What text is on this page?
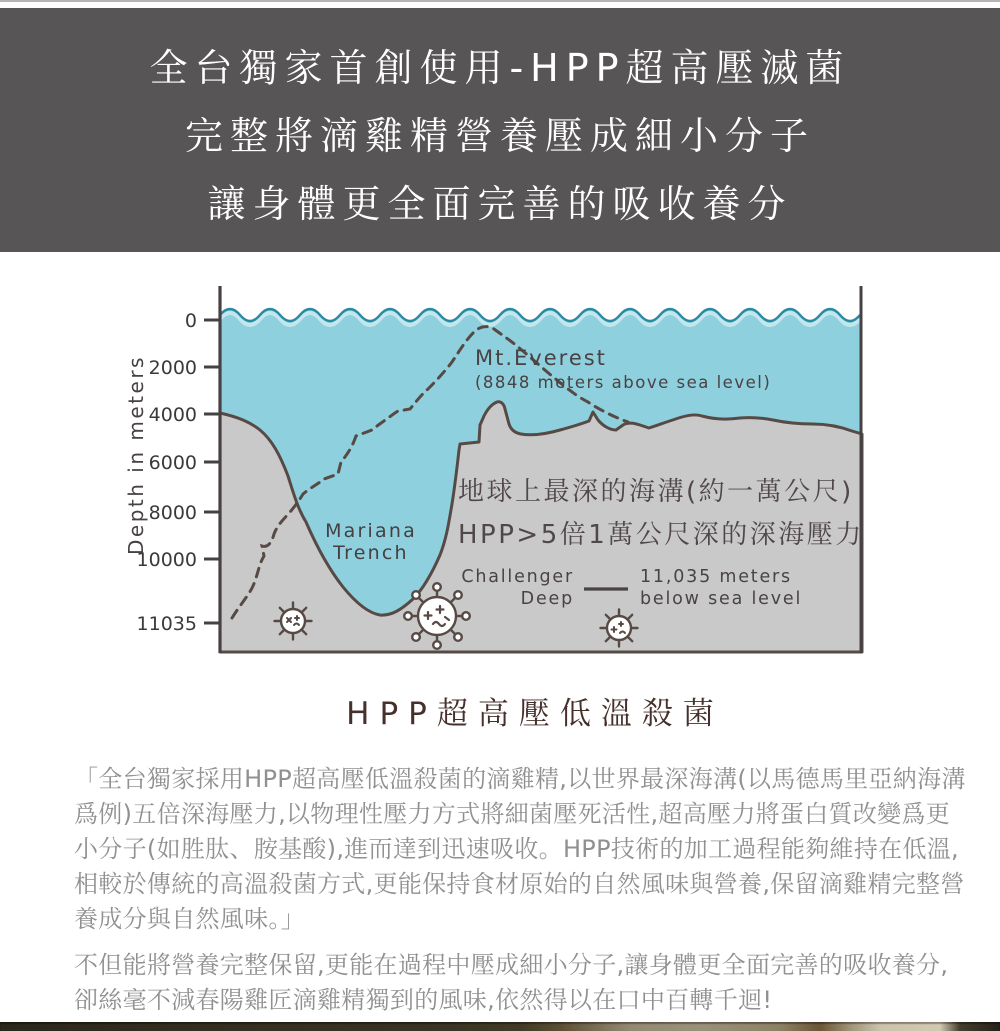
全台獨家首創使用-HPP超高壓滅菌
完整將滴雞精營養壓成細小分子
讓身體更全面完善的吸收養分
0
2000
4000
6000
8000
10000
11035
Depth in meters	Mt.Everest
(8848 meters above sea level)
Mariana
Trench
地球上最深的海溝(約一萬公尺)
HPP>5倍1萬公尺深的深海壓力
Challenger
Deep
11,035 meters
below sea level
HPP超高壓低溫殺菌

「全台獨家採用HPP超高壓低溫殺菌的滴雞精,以世界最深海溝(以馬德馬里亞納海溝爲例)五倍深海壓力,以物理性壓力方式將細菌壓死活性,超高壓力將蛋白質改變爲更小分子(如胜肽、胺基酸),進而達到迅速吸收。HPP技術的加工過程能夠維持在低溫,相較於傳統的高溫殺菌方式,更能保持食材原始的自然風味與營養,保留滴雞精完整營養成分與自然風味。」

不但能將營養完整保留,更能在過程中壓成細小分子,讓身體更全面完善的吸收養分,卻絲毫不減春陽雞匠滴雞精獨到的風味,依然得以在口中百轉千迴!
